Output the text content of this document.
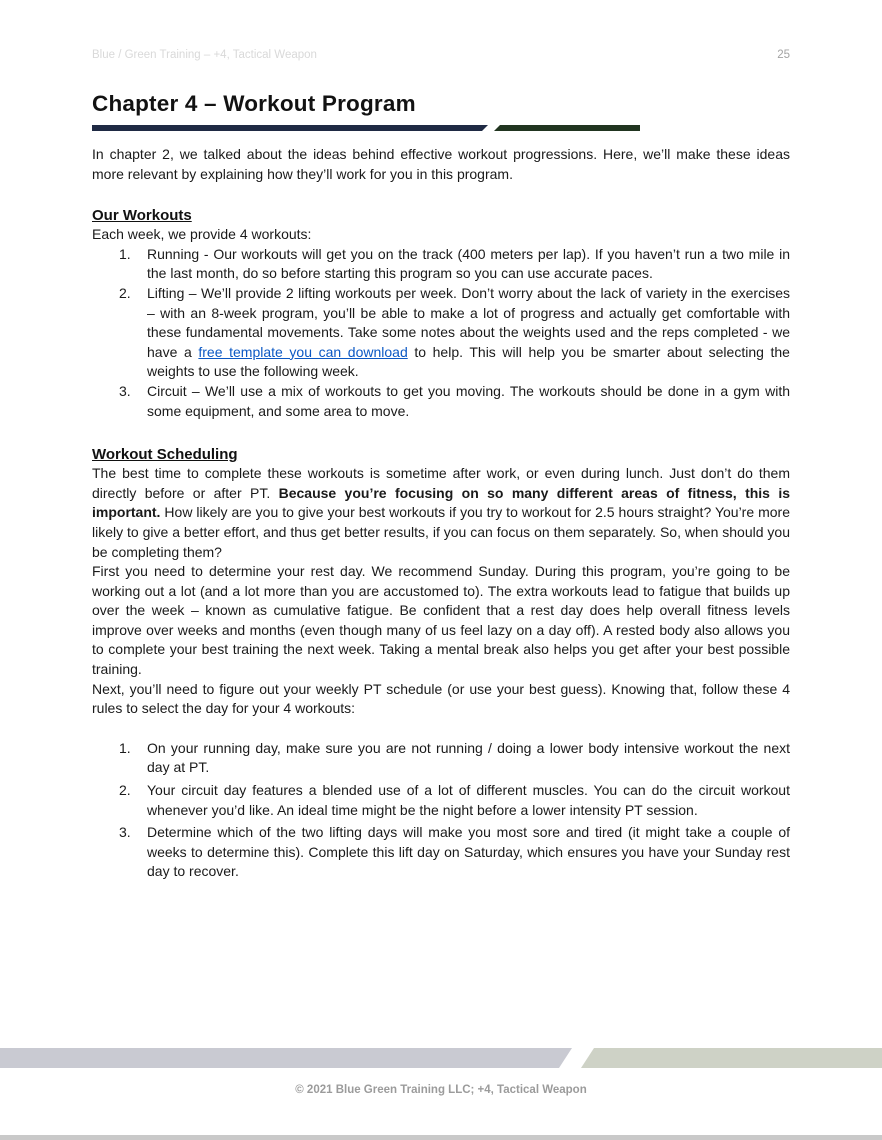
Blue / Green Training – +4, Tactical Weapon	25
Chapter 4 – Workout Program

In chapter 2, we talked about the ideas behind effective workout progressions. Here, we’ll make these ideas more relevant by explaining how they’ll work for you in this program.

Our Workouts

Each week, we provide 4 workouts:

1. Running - Our workouts will get you on the track (400 meters per lap). If you haven’t run a two mile in the last month, do so before starting this program so you can use accurate paces.
2. Lifting – We’ll provide 2 lifting workouts per week. Don’t worry about the lack of variety in the exercises – with an 8-week program, you’ll be able to make a lot of progress and actually get comfortable with these fundamental movements. Take some notes about the weights used and the reps completed - we have a free template you can download to help. This will help you be smarter about selecting the weights to use the following week.
3. Circuit – We’ll use a mix of workouts to get you moving. The workouts should be done in a gym with some equipment, and some area to move.
Workout Scheduling

The best time to complete these workouts is sometime after work, or even during lunch. Just don’t do them directly before or after PT. Because you’re focusing on so many different areas of fitness, this is important. How likely are you to give your best workouts if you try to workout for 2.5 hours straight? You’re more likely to give a better effort, and thus get better results, if you can focus on them separately. So, when should you be completing them?

First you need to determine your rest day. We recommend Sunday. During this program, you’re going to be working out a lot (and a lot more than you are accustomed to). The extra workouts lead to fatigue that builds up over the week – known as cumulative fatigue. Be confident that a rest day does help overall fitness levels improve over weeks and months (even though many of us feel lazy on a day off). A rested body also allows you to complete your best training the next week. Taking a mental break also helps you get after your best possible training.

Next, you’ll need to figure out your weekly PT schedule (or use your best guess). Knowing that, follow these 4 rules to select the day for your 4 workouts:

1. On your running day, make sure you are not running / doing a lower body intensive workout the next day at PT.
2. Your circuit day features a blended use of a lot of different muscles. You can do the circuit workout whenever you’d like. An ideal time might be the night before a lower intensity PT session.
3. Determine which of the two lifting days will make you most sore and tired (it might take a couple of weeks to determine this). Complete this lift day on Saturday, which ensures you have your Sunday rest day to recover.
© 2021 Blue Green Training LLC; +4, Tactical Weapon
